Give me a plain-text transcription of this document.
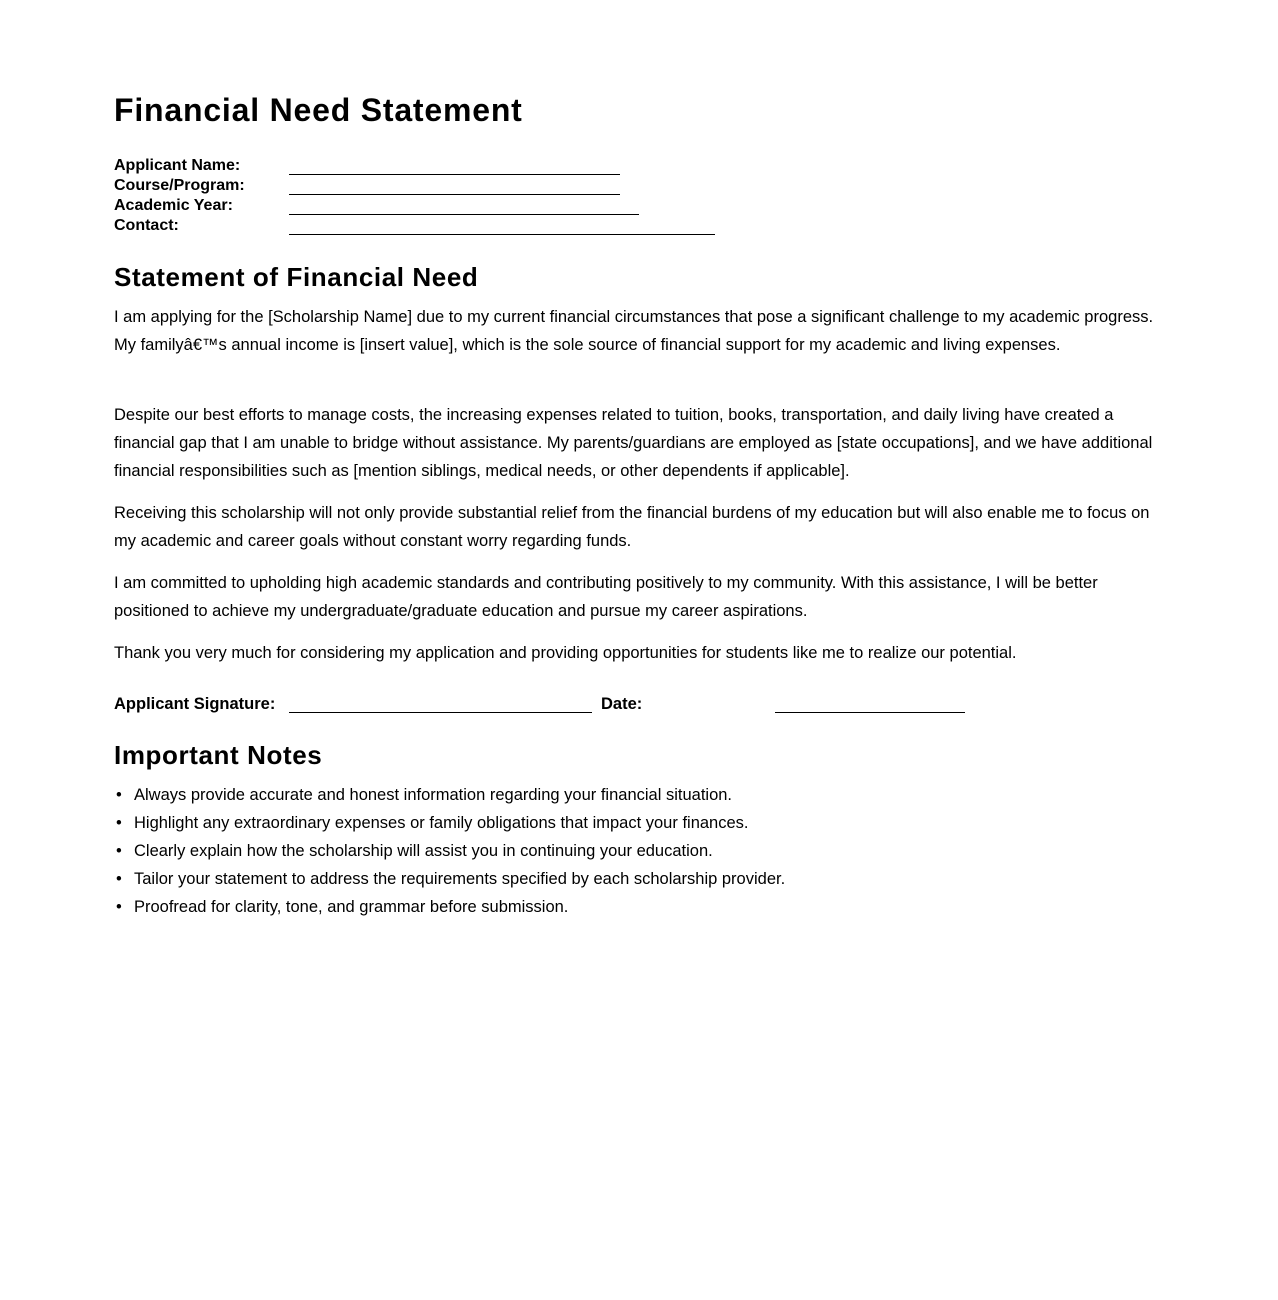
Financial Need Statement
Applicant Name:
Course/Program:
Academic Year:
Contact:
Statement of Financial Need

I am applying for the [Scholarship Name] due to my current financial circumstances that pose a significant challenge to my academic progress. My familyâ€™s annual income is [insert value], which is the sole source of financial support for my academic and living expenses.

Despite our best efforts to manage costs, the increasing expenses related to tuition, books, transportation, and daily living have created a financial gap that I am unable to bridge without assistance. My parents/guardians are employed as [state occupations], and we have additional financial responsibilities such as [mention siblings, medical needs, or other dependents if applicable].

Receiving this scholarship will not only provide substantial relief from the financial burdens of my education but will also enable me to focus on my academic and career goals without constant worry regarding funds.

I am committed to upholding high academic standards and contributing positively to my community. With this assistance, I will be better positioned to achieve my undergraduate/graduate education and pursue my career aspirations.

Thank you very much for considering my application and providing opportunities for students like me to realize our potential.

Applicant Signature:	Date:
Important Notes
• Always provide accurate and honest information regarding your financial situation.
• Highlight any extraordinary expenses or family obligations that impact your finances.
• Clearly explain how the scholarship will assist you in continuing your education.
• Tailor your statement to address the requirements specified by each scholarship provider.
• Proofread for clarity, tone, and grammar before submission.
